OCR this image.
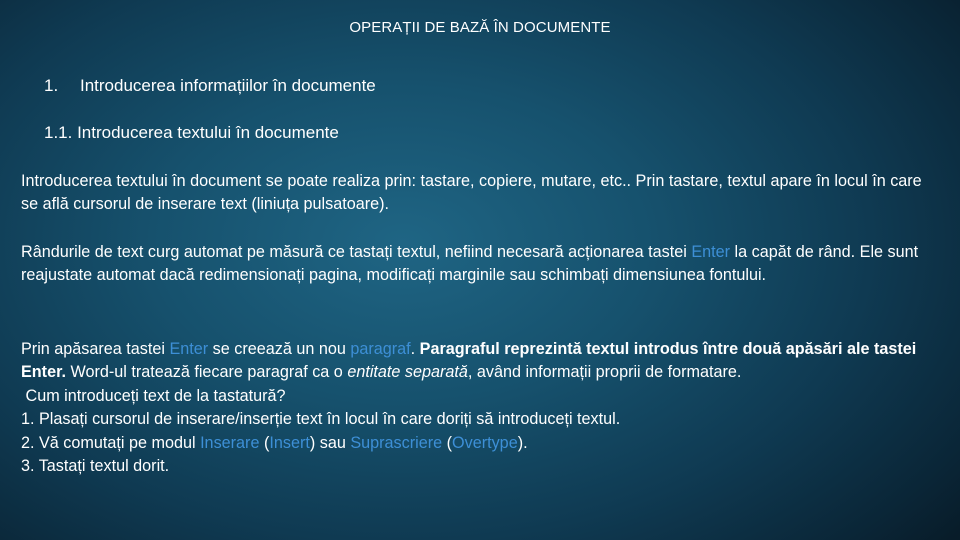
OPERAȚII DE BAZĂ ÎN DOCUMENTE
1. Introducerea informațiilor în documente
1.1. Introducerea textului în documente
Introducerea textului în document se poate realiza prin: tastare, copiere, mutare, etc.. Prin tastare, textul apare în locul în care se află cursorul de inserare text (liniuța pulsatoare).
Rândurile de text curg automat pe măsură ce tastați textul, nefiind necesară acționarea tastei Enter la capăt de rând. Ele sunt reajustate automat dacă redimensionați pagina, modificați marginile sau schimbați dimensiunea fontului.
Prin apăsarea tastei Enter se creează un nou paragraf. Paragraful reprezintă textul introdus între două apăsări ale tastei Enter. Word-ul tratează fiecare paragraf ca o entitate separată, având informații proprii de formatare.
Cum introduceți text de la tastatură?
1. Plasați cursorul de inserare/inserție text în locul în care doriți să introduceți textul.
2. Vă comutați pe modul Inserare (Insert) sau Suprascriere (Overtype).
3. Tastați textul dorit.
